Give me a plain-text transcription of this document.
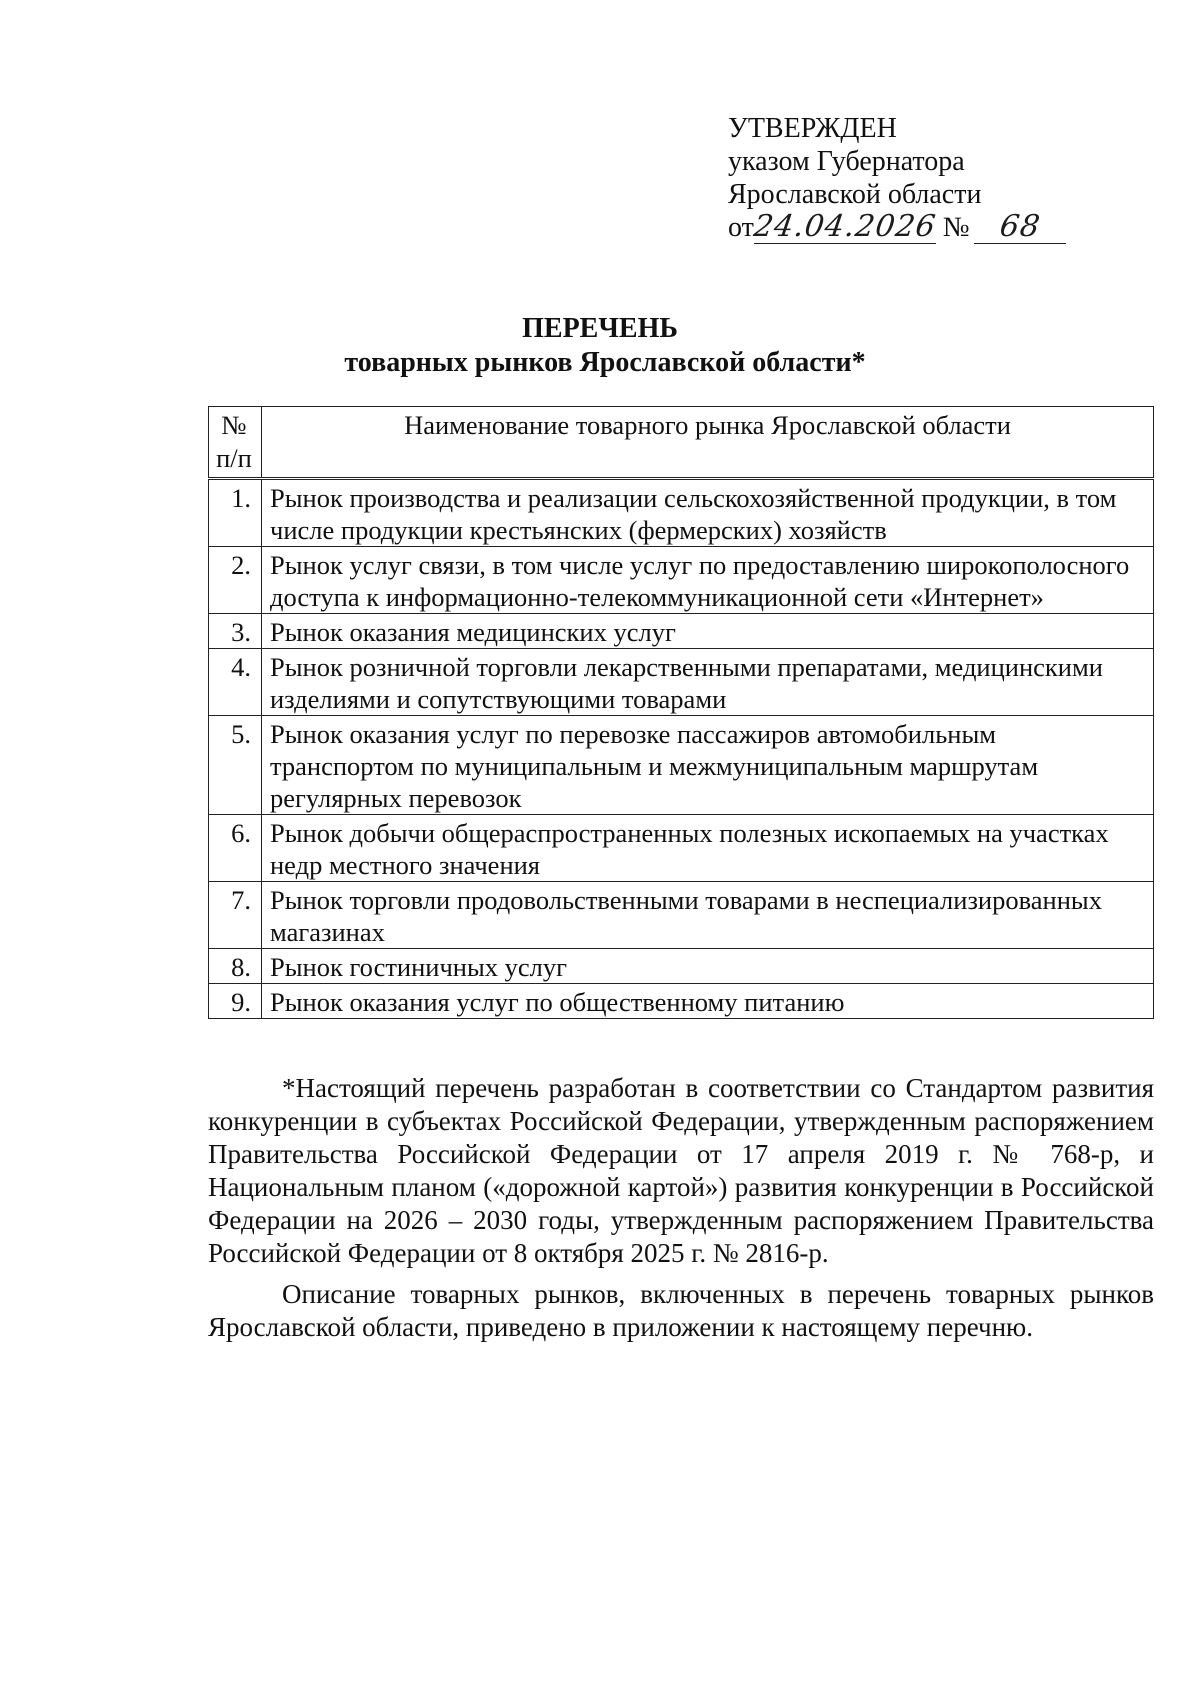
УТВЕРЖДЕН
указом Губернатора
Ярославской области
от24.04.2026 № 68
ПЕРЕЧЕНЬ
товарных рынков Ярославской области*
№
п/п	Наименование товарного рынка Ярославской области
1.	Рынок производства и реализации сельскохозяйственной продукции, в том числе продукции крестьянских (фермерских) хозяйств
2.	Рынок услуг связи, в том числе услуг по предоставлению широкополосного доступа к информационно-телекоммуникационной сети «Интернет»
3.	Рынок оказания медицинских услуг
4.	Рынок розничной торговли лекарственными препаратами, медицинскими изделиями и сопутствующими товарами
5.	Рынок оказания услуг по перевозке пассажиров автомобильным транспортом по муниципальным и межмуниципальным маршрутам регулярных перевозок
6.	Рынок добычи общераспространенных полезных ископаемых на участках недр местного значения
7.	Рынок торговли продовольственными товарами в неспециализированных магазинах
8.	Рынок гостиничных услуг
9.	Рынок оказания услуг по общественному питанию

*Настоящий перечень разработан в соответствии со Стандартом развития конкуренции в субъектах Российской Федерации, утвержденным распоряжением Правительства Российской Федерации от 17 апреля 2019 г. № 768-р, и Национальным планом («дорожной картой») развития конкуренции в Российской Федерации на 2026 – 2030 годы, утвержденным распоряжением Правительства Российской Федерации от 8 октября 2025 г. № 2816-р.

Описание товарных рынков, включенных в перечень товарных рынков Ярославской области, приведено в приложении к настоящему перечню.
